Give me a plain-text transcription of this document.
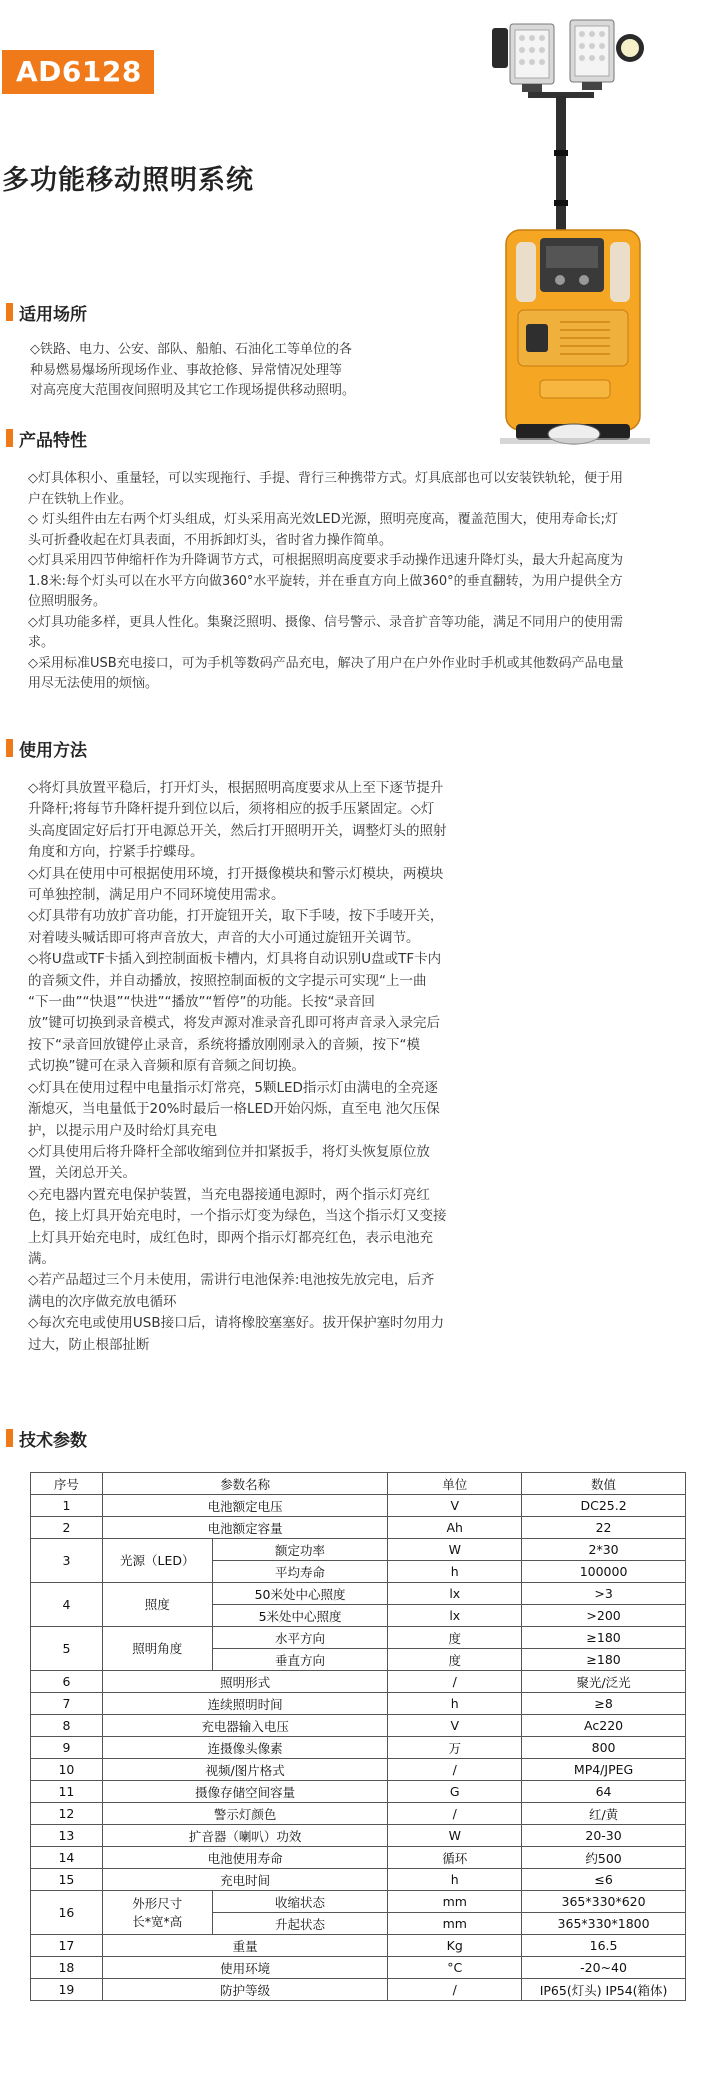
AD6128
多功能移动照明系统
适用场所

◇铁路、电力、公安、部队、船舶、石油化工等单位的各

种易燃易爆场所现场作业、事故抢修、异常情况处理等

对高亮度大范围夜间照明及其它工作现场提供移动照明。

产品特性

◇灯具体积小、重量轻，可以实现拖行、手提、背行三种携带方式。灯具底部也可以安装铁轨轮，便于用

户在铁轨上作业。

◇ 灯头组件由左右两个灯头组成，灯头采用高光效LED光源，照明亮度高，覆盖范围大，使用寿命长;灯

头可折叠收起在灯具表面，不用拆卸灯头，省时省力操作简单。

◇灯具采用四节伸缩杆作为升降调节方式，可根据照明高度要求手动操作迅速升降灯头，最大升起高度为

1.8米:每个灯头可以在水平方向做360°水平旋转，并在垂直方向上做360°的垂直翻转，为用户提供全方

位照明服务。

◇灯具功能多样，更具人性化。集聚泛照明、摄像、信号警示、录音扩音等功能，满足不同用户的使用需

求。

◇采用标准USB充电接口，可为手机等数码产品充电，解决了用户在户外作业时手机或其他数码产品电量

用尽无法使用的烦恼。

使用方法

◇将灯具放置平稳后，打开灯头，根据照明高度要求从上至下逐节提升

升降杆;将每节升降杆提升到位以后，须将相应的扳手压紧固定。◇灯

头高度固定好后打开电源总开关，然后打开照明开关，调整灯头的照射

角度和方向，拧紧手拧蝶母。

◇灯具在使用中可根据使用环境，打开摄像模块和警示灯模块，两模块

可单独控制，满足用户不同环境使用需求。

◇灯具带有功放扩音功能，打开旋钮开关，取下手唛，按下手唛开关，

对着唛头喊话即可将声音放大，声音的大小可通过旋钮开关调节。

◇将U盘或TF卡插入到控制面板卡槽内，灯具将自动识别U盘或TF卡内

的音频文件，并自动播放，按照控制面板的文字提示可实现“上一曲

“下一曲”“快退”“快进”“播放”“暂停”的功能。长按“录音回

放”键可切换到录音模式，将发声源对准录音孔即可将声音录入录完后

按下“录音回放键停止录音，系统将播放刚刚录入的音频，按下“模

式切换”键可在录入音频和原有音频之间切换。

◇灯具在使用过程中电量指示灯常亮，5颗LED指示灯由满电的全亮逐

渐熄灭，当电量低于20%时最后一格LED开始闪烁，直至电 池欠压保

护，以提示用户及时给灯具充电

◇灯具使用后将升降杆全部收缩到位并扣紧扳手，将灯头恢复原位放

置，关闭总开关。

◇充电器内置充电保护装置，当充电器接通电源时，两个指示灯亮红

色，接上灯具开始充电时，一个指示灯变为绿色，当这个指示灯又变接

上灯具开始充电时，成红色时，即两个指示灯都亮红色，表示电池充

满。

◇若产品超过三个月未使用，需讲行电池保养:电池按先放完电，后齐

满电的次序做充放电循环

◇每次充电或使用USB接口后，请将橡胶塞塞好。拔开保护塞时勿用力

过大，防止根部扯断

技术参数
序号	参数名称		单位	数值
1	电池额定电压		V	DC25.2
2	电池额定容量		Ah	22
3	光源（LED）	额定功率	W	2*30
		平均寿命	h	100000
4	照度	50米处中心照度	lx	>3
		5米处中心照度	lx	>200
5	照明角度	水平方向	度	≥180
		垂直方向	度	≥180
6	照明形式		/	聚光/泛光
7	连续照明时间		h	≥8
8	充电器输入电压		V	Ac220
9	连摄像头像素		万	800
10	视频/图片格式		/	MP4/JPEG
11	摄像存储空间容量		G	64
12	警示灯颜色		/	红/黄
13	扩音器（喇叭）功效		W	20-30
14	电池使用寿命		循环	约500
15	充电时间		h	≤6
16	外形尺寸
长*宽*高	收缩状态	mm	365*330*620
		升起状态	mm	365*330*1800
17	重量		Kg	16.5
18	使用环境		°C	-20~40
19	防护等级		/	IP65(灯头) IP54(箱体)
